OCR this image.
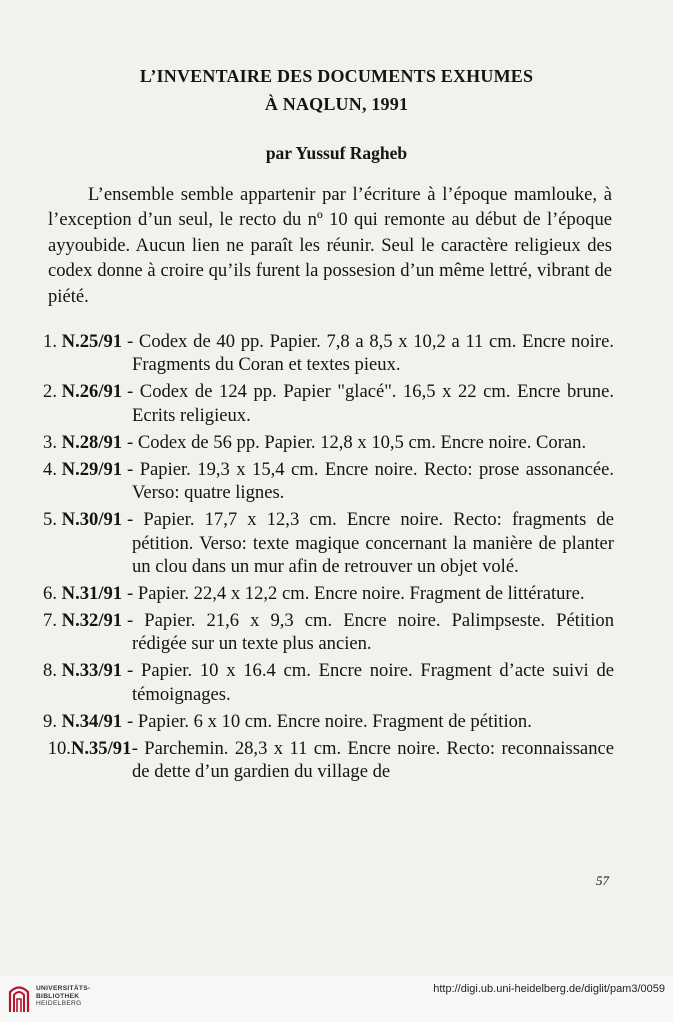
L’INVENTAIRE DES DOCUMENTS EXHUMES
À NAQLUN, 1991
par Yussuf Ragheb
L’ensemble semble appartenir par l’écriture à l’époque mamlouke, à l’exception d’un seul, le recto du nº 10 qui remonte au début de l’époque ayyoubide. Aucun lien ne paraît les réunir. Seul le caractère religieux des codex donne à croire qu’ils furent la possesion d’un même lettré, vibrant de piété.
1. N.25/91 - Codex de 40 pp. Papier. 7,8 a 8,5 x 10,2 a 11 cm. Encre noire. Fragments du Coran et textes pieux.
2. N.26/91 - Codex de 124 pp. Papier "glacé". 16,5 x 22 cm. Encre brune. Ecrits religieux.
3. N.28/91 - Codex de 56 pp. Papier. 12,8 x 10,5 cm. Encre noire. Coran.
4. N.29/91 - Papier. 19,3 x 15,4 cm. Encre noire. Recto: prose assonancée. Verso: quatre lignes.
5. N.30/91 - Papier. 17,7 x 12,3 cm. Encre noire. Recto: fragments de pétition. Verso: texte magique concernant la manière de planter un clou dans un mur afin de retrouver un objet volé.
6. N.31/91 - Papier. 22,4 x 12,2 cm. Encre noire. Fragment de littérature.
7. N.32/91 - Papier. 21,6 x 9,3 cm. Encre noire. Palimpseste. Pétition rédigée sur un texte plus ancien.
8. N.33/91 - Papier. 10 x 16.4 cm. Encre noire. Fragment d’acte suivi de témoignages.
9. N.34/91 - Papier. 6 x 10 cm. Encre noire. Fragment de pétition.
10.N.35/91 - Parchemin. 28,3 x 11 cm. Encre noire. Recto: reconnaissance de dette d’un gardien du village de
57
UNIVERSITÄTS-
BIBLIOTHEK
HEIDELBERG
http://digi.ub.uni-heidelberg.de/diglit/pam3/0059
